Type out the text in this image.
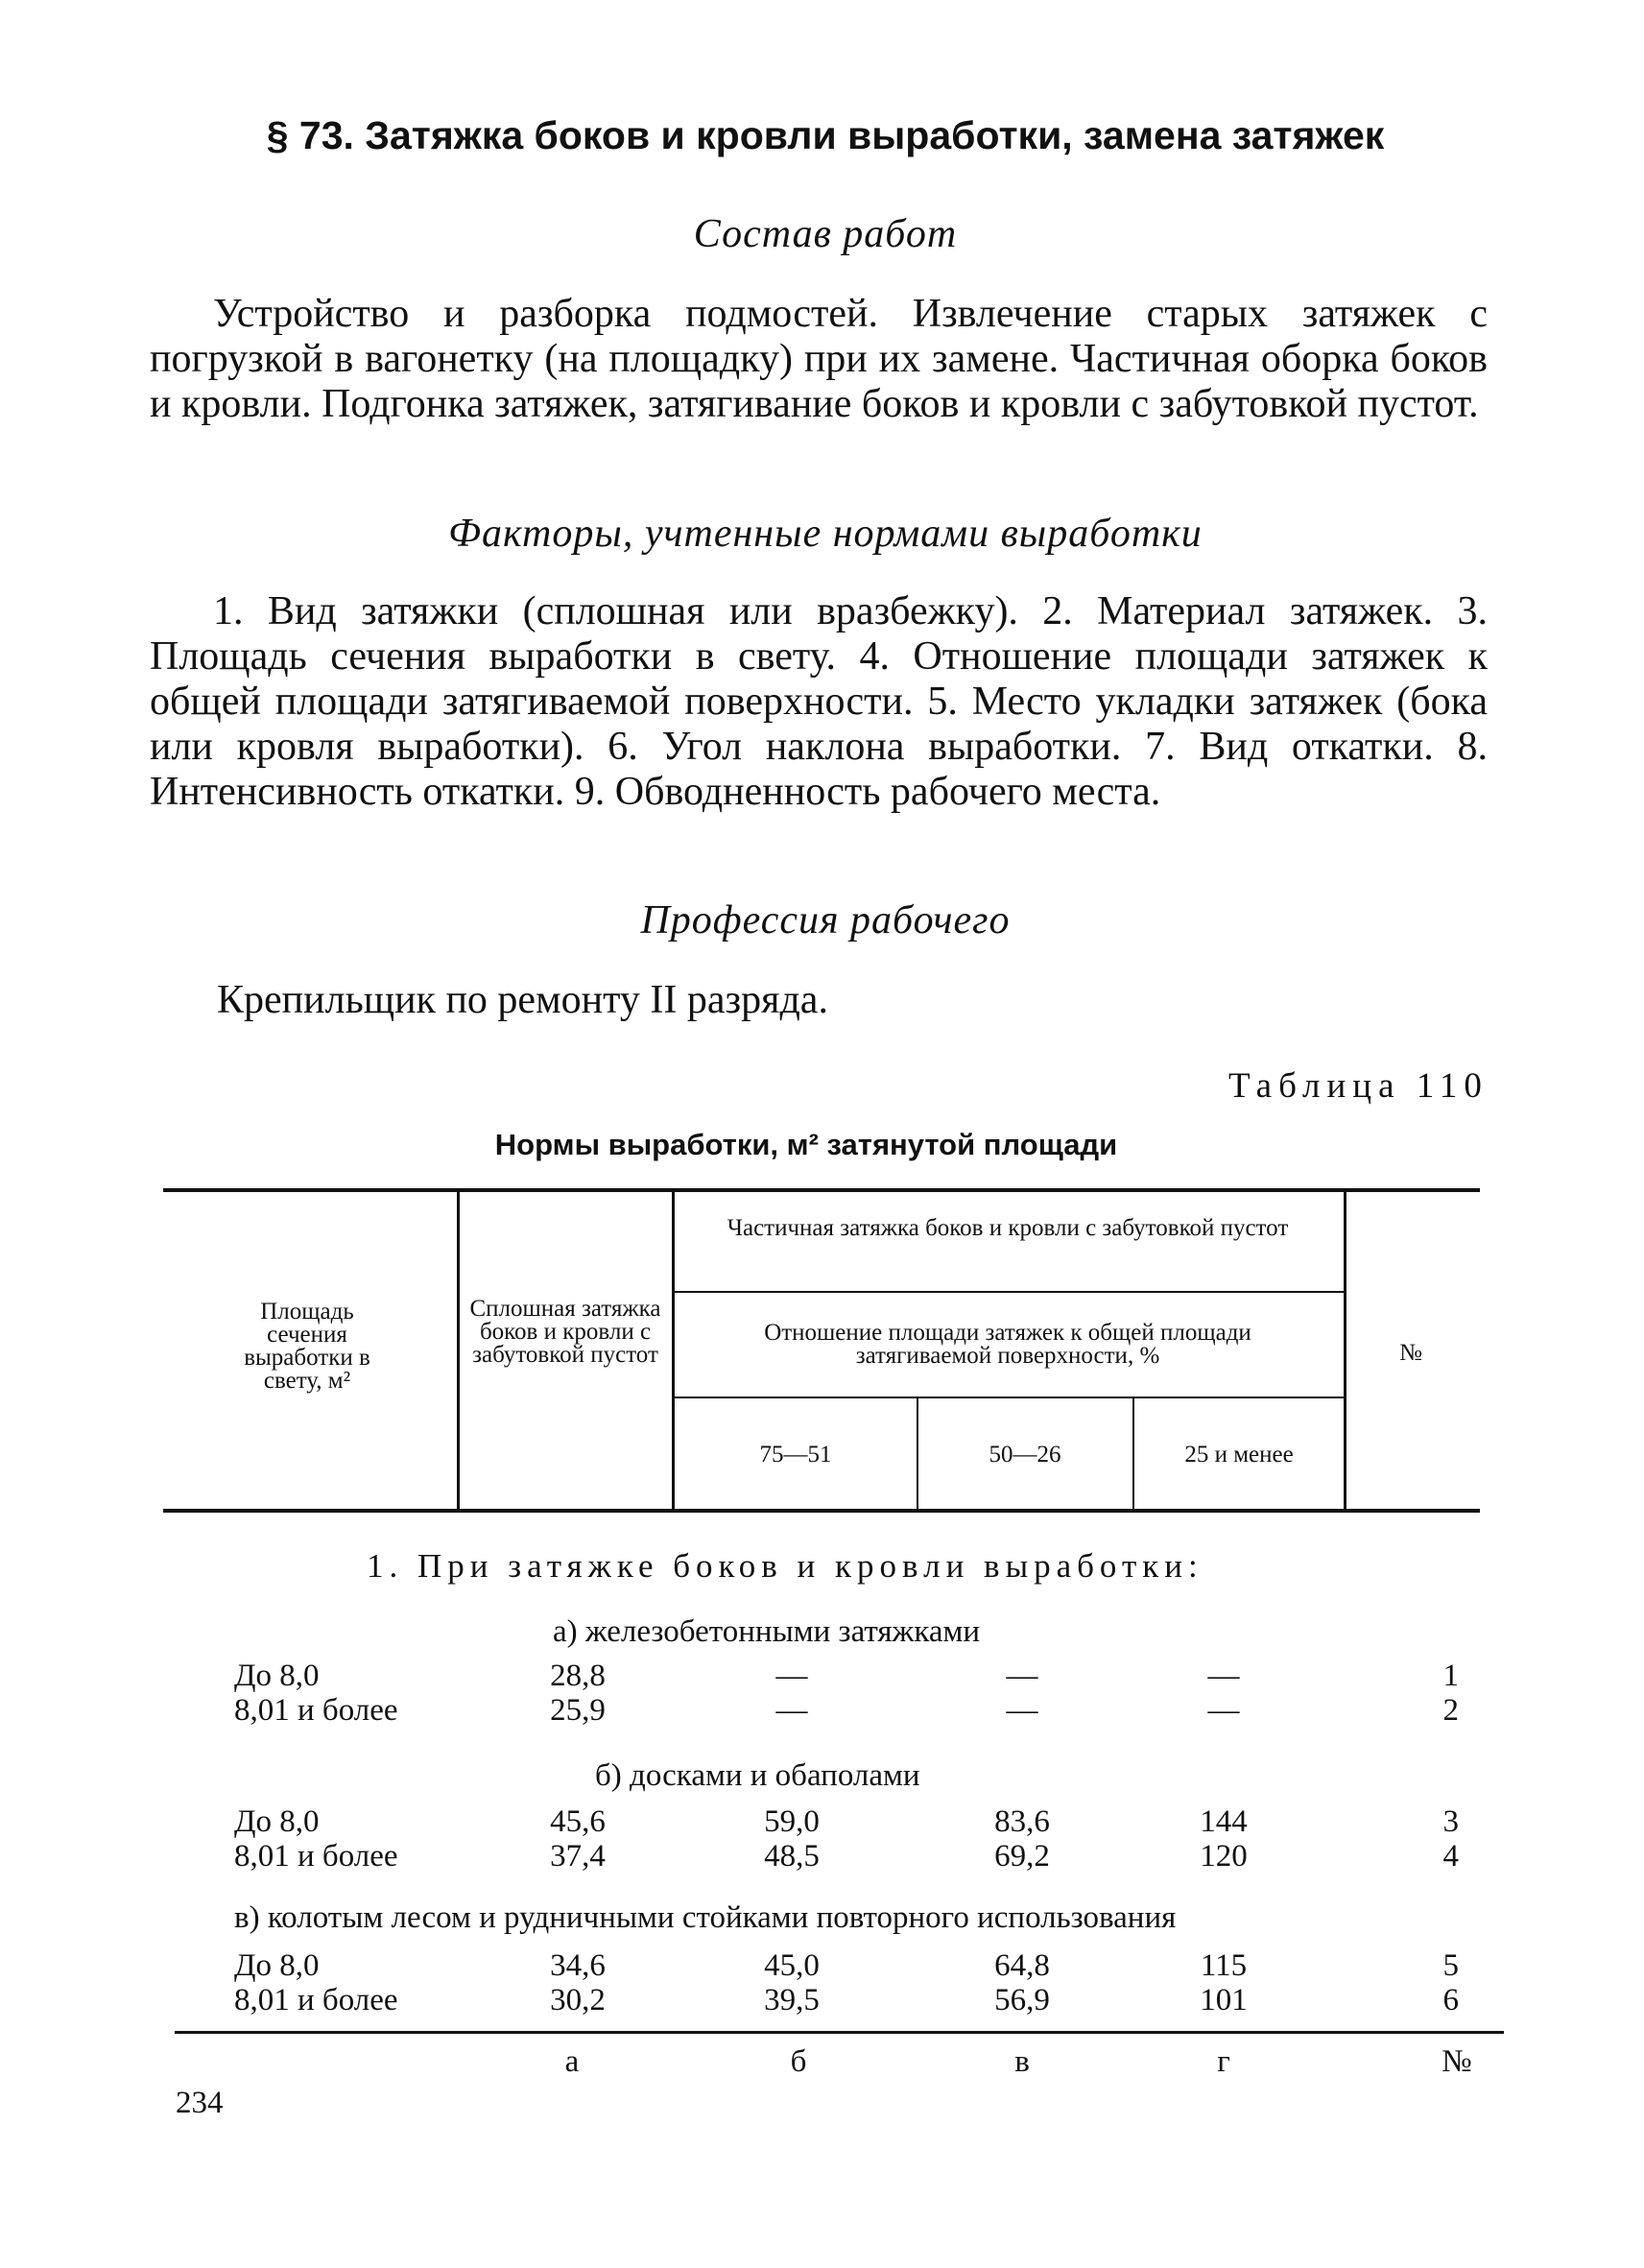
§ 73. Затяжка боков и кровли выработки, замена затяжек
Состав работ
Устройство и разборка подмостей. Извлечение старых затяжек с погрузкой в вагонетку (на площадку) при их замене. Частичная оборка боков и кровли. Подгонка затяжек, затягивание боков и кровли с забутовкой пустот.
Факторы, учтенные нормами выработки
1. Вид затяжки (сплошная или вразбежку). 2. Материал затяжек. 3. Площадь сечения выработки в свету. 4. Отношение площади затяжек к общей площади затягиваемой поверхности. 5. Место укладки затяжек (бока или кровля выработки). 6. Угол наклона выработки. 7. Вид откатки. 8. Интенсивность откатки. 9. Обводненность рабочего места.
Профессия рабочего
Крепильщик по ремонту II разряда.
Таблица 110
Нормы выработки, м² затянутой площади
Площадь сечения выработки в свету, м²
Сплошная затяжка боков и кровли с забутовкой пустот
Частичная затяжка боков и кровли с забутовкой пустот
Отношение площади затяжек к общей площади затягиваемой поверхности, %
75—51	50—26	25 и менее
№
1. При затяжке боков и кровли выработки:
а) железобетонными затяжками
До 8,0	28,8	—	—	—	1
8,01 и более	25,9	—	—	—	2
б) досками и обаполами
До 8,0	45,6	59,0	83,6	144	3
8,01 и более	37,4	48,5	69,2	120	4
в) колотым лесом и рудничными стойками повторного использования
До 8,0	34,6	45,0	64,8	115	5
8,01 и более	30,2	39,5	56,9	101	6
а	б	в	г	№
234
